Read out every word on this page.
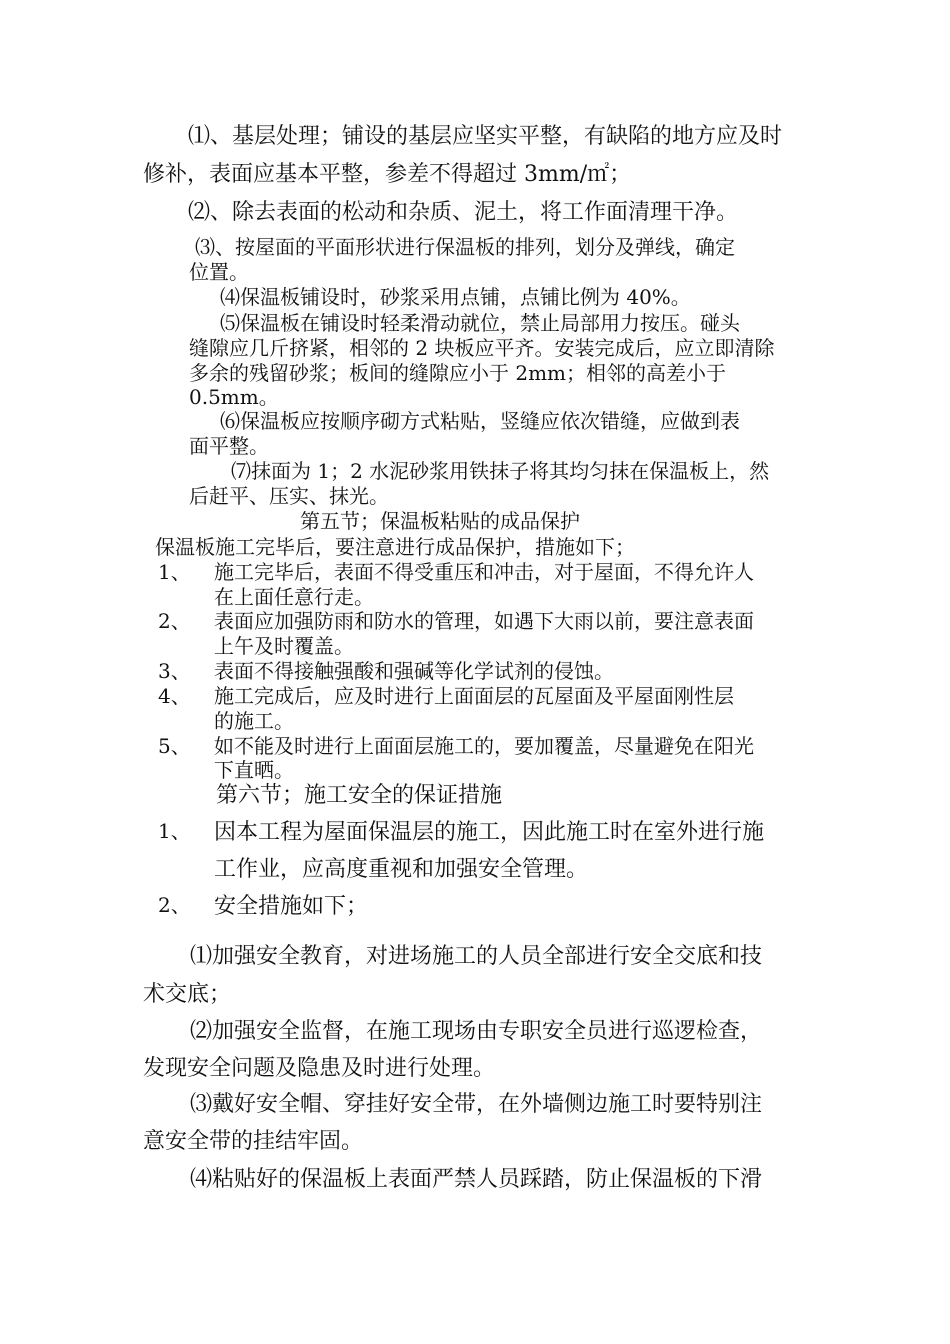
⑴、基层处理；铺设的基层应坚实平整，有缺陷的地方应及时
修补，表面应基本平整，参差不得超过 3mm/㎡；
⑵、除去表面的松动和杂质、泥土，将工作面清理干净。
⑶、按屋面的平面形状进行保温板的排列，划分及弹线，确定
位置。
⑷保温板铺设时，砂浆采用点铺，点铺比例为 40%。
⑸保温板在铺设时轻柔滑动就位，禁止局部用力按压。碰头
缝隙应几斤挤紧，相邻的 2 块板应平齐。安装完成后，应立即清除
多余的残留砂浆；板间的缝隙应小于 2mm；相邻的高差小于
0.5mm。
⑹保温板应按顺序砌方式粘贴，竖缝应依次错缝，应做到表
面平整。
⑺抹面为 1；2 水泥砂浆用铁抹子将其均匀抹在保温板上，然
后赶平、压实、抹光。
第五节；保温板粘贴的成品保护
保温板施工完毕后，要注意进行成品保护，措施如下；
1、 施工完毕后，表面不得受重压和冲击，对于屋面，不得允许人
在上面任意行走。
2、 表面应加强防雨和防水的管理，如遇下大雨以前，要注意表面
上午及时覆盖。
3、 表面不得接触强酸和强碱等化学试剂的侵蚀。
4、 施工完成后，应及时进行上面面层的瓦屋面及平屋面刚性层
的施工。
5、 如不能及时进行上面面层施工的，要加覆盖，尽量避免在阳光
下直晒。
第六节；施工安全的保证措施
1、 因本工程为屋面保温层的施工，因此施工时在室外进行施
工作业，应高度重视和加强安全管理。
2、 安全措施如下；
⑴加强安全教育，对进场施工的人员全部进行安全交底和技
术交底；
⑵加强安全监督，在施工现场由专职安全员进行巡逻检查，
发现安全问题及隐患及时进行处理。
⑶戴好安全帽、穿挂好安全带，在外墙侧边施工时要特别注
意安全带的挂结牢固。
⑷粘贴好的保温板上表面严禁人员踩踏，防止保温板的下滑
